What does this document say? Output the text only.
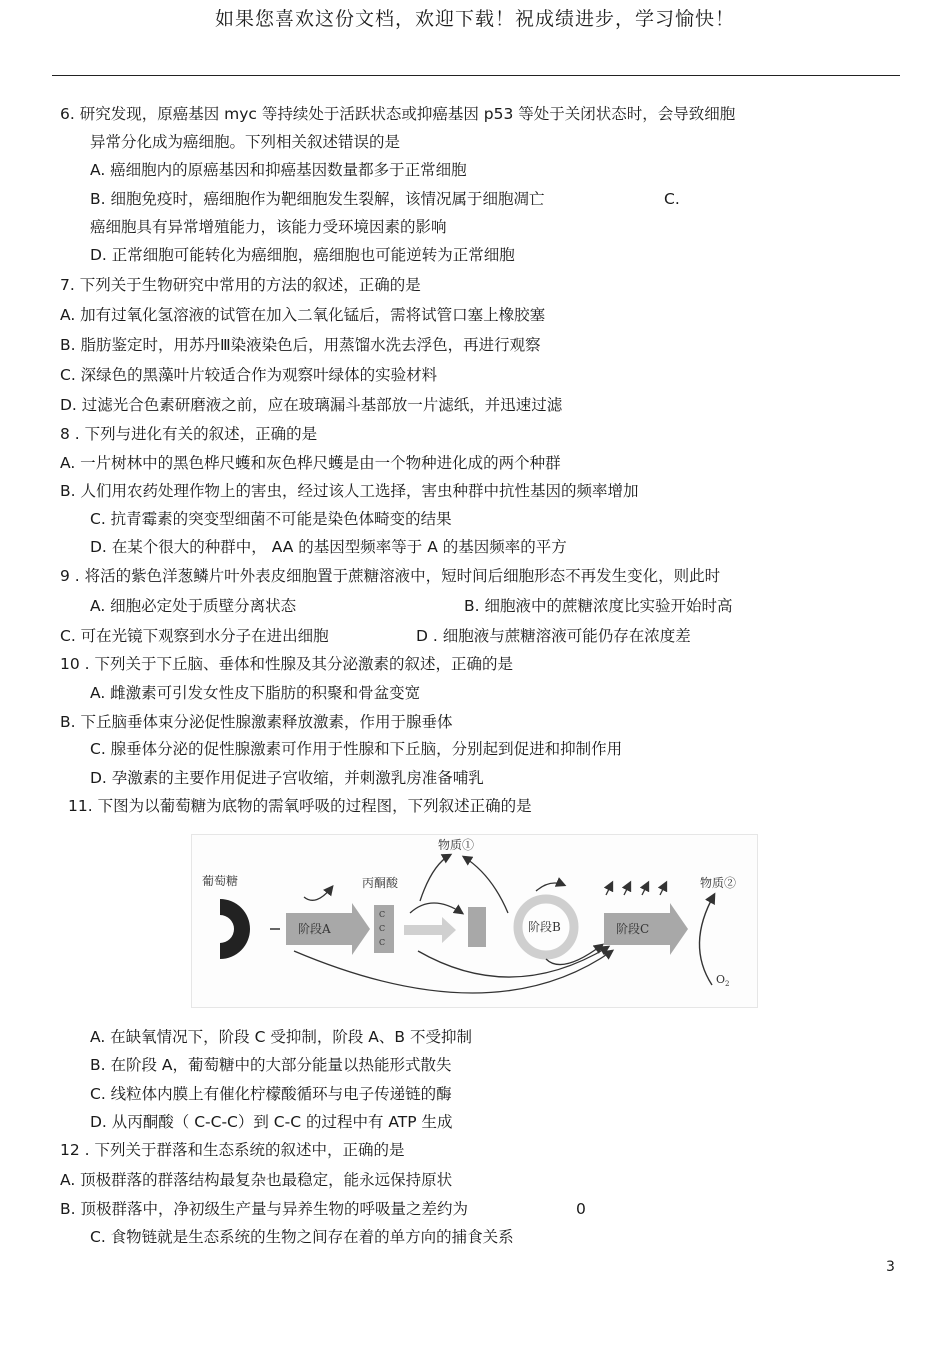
如果您喜欢这份文档，欢迎下载！祝成绩进步，学习愉快！
6. 研究发现，原癌基因 myc 等持续处于活跃状态或抑癌基因 p53 等处于关闭状态时，会导致细胞
异常分化成为癌细胞。下列相关叙述错误的是
A. 癌细胞内的原癌基因和抑癌基因数量都多于正常细胞
B. 细胞免疫时，癌细胞作为靶细胞发生裂解，该情况属于细胞凋亡	C.
癌细胞具有异常增殖能力，该能力受环境因素的影响
D. 正常细胞可能转化为癌细胞，癌细胞也可能逆转为正常细胞
7. 下列关于生物研究中常用的方法的叙述，正确的是
A. 加有过氧化氢溶液的试管在加入二氧化锰后，需将试管口塞上橡胶塞
B. 脂肪鉴定时，用苏丹Ⅲ染液染色后，用蒸馏水洗去浮色，再进行观察
C. 深绿色的黑藻叶片较适合作为观察叶绿体的实验材料
D. 过滤光合色素研磨液之前，应在玻璃漏斗基部放一片滤纸，并迅速过滤
8 . 下列与进化有关的叙述，正确的是
A. 一片树林中的黑色桦尺蠖和灰色桦尺蠖是由一个物种进化成的两个种群
B. 人们用农药处理作物上的害虫，经过该人工选择，害虫种群中抗性基因的频率增加
C. 抗青霉素的突变型细菌不可能是染色体畸变的结果
D. 在某个很大的种群中， AA 的基因型频率等于 A 的基因频率的平方
9 . 将活的紫色洋葱鳞片叶外表皮细胞置于蔗糖溶液中，短时间后细胞形态不再发生变化，则此时
A. 细胞必定处于质壁分离状态	B. 细胞液中的蔗糖浓度比实验开始时高
C. 可在光镜下观察到水分子在进出细胞	D . 细胞液与蔗糖溶液可能仍存在浓度差
10 . 下列关于下丘脑、垂体和性腺及其分泌激素的叙述，正确的是
A. 雌激素可引发女性皮下脂肪的积聚和骨盆变宽
B. 下丘脑垂体束分泌促性腺激素释放激素，作用于腺垂体
C. 腺垂体分泌的促性腺激素可作用于性腺和下丘脑，分别起到促进和抑制作用
D. 孕激素的主要作用促进子宫收缩，并刺激乳房准备哺乳
11. 下图为以葡萄糖为底物的需氧呼吸的过程图，下列叙述正确的是
葡萄糖
阶段A
丙酮酸
C
C
C
物质①
阶段B	阶段C
物质②
O 2
A. 在缺氧情况下，阶段 C 受抑制，阶段 A、B 不受抑制
B. 在阶段 A，葡萄糖中的大部分能量以热能形式散失
C. 线粒体内膜上有催化柠檬酸循环与电子传递链的酶
D. 从丙酮酸（ C-C-C）到 C-C 的过程中有 ATP 生成
12 . 下列关于群落和生态系统的叙述中，正确的是
A. 顶极群落的群落结构最复杂也最稳定，能永远保持原状
B. 顶极群落中，净初级生产量与异养生物的呼吸量之差约为	0
C. 食物链就是生态系统的生物之间存在着的单方向的捕食关系
3
